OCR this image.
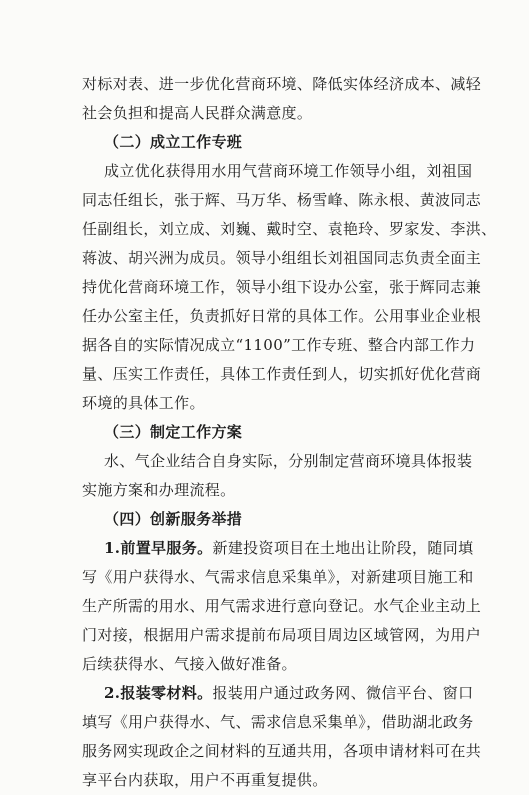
对标对表、进一步优化营商环境、降低实体经济成本、减轻
社会负担和提高人民群众满意度。
（二）成立工作专班
成立优化获得用水用气营商环境工作领导小组，刘祖国
同志任组长，张于辉、马万华、杨雪峰、陈永根、黄波同志
任副组长，刘立成、刘巍、戴时空、袁艳玲、罗家发、李洪、
蒋波、胡兴洲为成员。领导小组组长刘祖国同志负责全面主
持优化营商环境工作，领导小组下设办公室，张于辉同志兼
任办公室主任，负责抓好日常的具体工作。公用事业企业根
据各自的实际情况成立“1100”工作专班、整合内部工作力
量、压实工作责任，具体工作责任到人，切实抓好优化营商
环境的具体工作。
（三）制定工作方案
水、气企业结合自身实际，分别制定营商环境具体报装
实施方案和办理流程。
（四）创新服务举措
1.前置早服务。新建投资项目在土地出让阶段，随同填
写《用户获得水、气需求信息采集单》，对新建项目施工和
生产所需的用水、用气需求进行意向登记。水气企业主动上
门对接，根据用户需求提前布局项目周边区域管网，为用户
后续获得水、气接入做好准备。
2.报装零材料。报装用户通过政务网、微信平台、窗口
填写《用户获得水、气、需求信息采集单》，借助湖北政务
服务网实现政企之间材料的互通共用，各项申请材料可在共
享平台内获取，用户不再重复提供。
